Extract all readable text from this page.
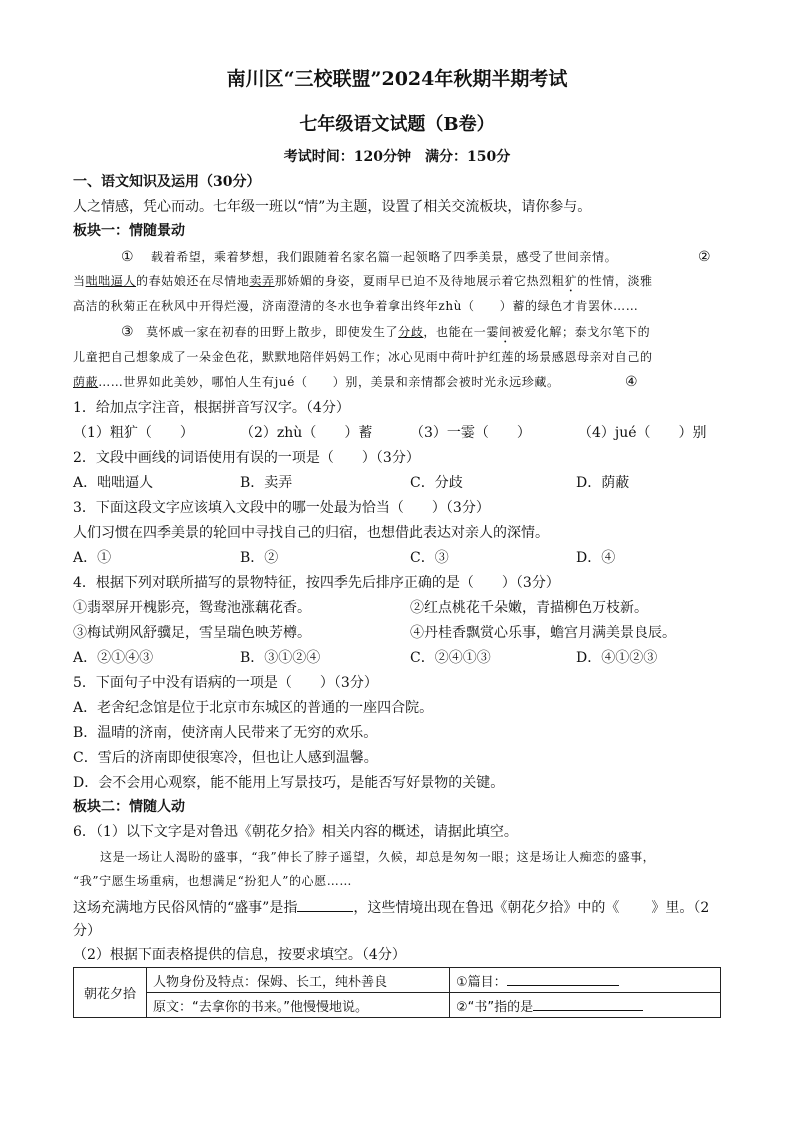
南川区“三校联盟”2024年秋期半期考试
七年级语文试题（B卷）
考试时间：120分钟　满分：150分
一、语文知识及运用（30分）
人之情感，凭心而动。七年级一班以“情”为主题，设置了相关交流板块，请你参与。
板块一：情随景动
① 载着希望，乘着梦想，我们跟随着名家名篇一起领略了四季美景，感受了世间亲情。	②
当咄咄逼人的春姑娘还在尽情地卖弄那娇媚的身姿，夏雨早已迫不及待地展示着它热烈粗犷的性情，淡雅
高洁的秋菊正在秋风中开得烂漫，济南澄清的冬水也争着拿出终年zhù（　　）蓄的绿色才肯罢休……
③ 莫怀戚一家在初春的田野上散步，即使发生了分歧，也能在一霎间被爱化解；泰戈尔笔下的
儿童把自己想象成了一朵金色花，默默地陪伴妈妈工作；冰心见雨中荷叶护红莲的场景感恩母亲对自己的
荫蔽……世界如此美妙，哪怕人生有jué（　　）别，美景和亲情都会被时光永远珍藏。	④
1．给加点字注音，根据拼音写汉字。（4分）
（1）粗犷（　　）	（2）zhù（　　）蓄	（3）一霎（　　）	（4）jué（　　）别
2．文段中画线的词语使用有误的一项是（　　）（3分）
A．咄咄逼人	B．卖弄	C．分歧	D．荫蔽
3．下面这段文字应该填入文段中的哪一处最为恰当（　　）（3分）
人们习惯在四季美景的轮回中寻找自己的归宿，也想借此表达对亲人的深情。
A．①	B．②	C．③	D．④
4．根据下列对联所描写的景物特征，按四季先后排序正确的是（　　）（3分）
①翡翠屏开槐影亮，鸳鸯池涨藕花香。	②红点桃花千朵嫩，青描柳色万枝新。
③梅试朔风舒骥足，雪呈瑞色映芳樽。	④丹桂香飘赏心乐事，蟾宫月满美景良辰。
A．②①④③	B．③①②④	C．②④①③	D．④①②③
5．下面句子中没有语病的一项是（　　）（3分）
A．老舍纪念馆是位于北京市东城区的普通的一座四合院。
B．温晴的济南，使济南人民带来了无穷的欢乐。
C．雪后的济南即使很寒冷，但也让人感到温馨。
D．会不会用心观察，能不能用上写景技巧，是能否写好景物的关键。
板块二：情随人动
6．（1）以下文字是对鲁迅《朝花夕拾》相关内容的概述，请据此填空。
这是一场让人渴盼的盛事，“我”伸长了脖子遥望，久候，却总是匆匆一眼；这是场让人痴恋的盛事，
“我”宁愿生场重病，也想满足“扮犯人”的心愿……
这场充满地方民俗风情的“盛事”是指	，这些情境出现在鲁迅《朝花夕拾》中的《 》里。（2
分）
（2）根据下面表格提供的信息，按要求填空。（4分）
朝花夕拾	人物身份及特点：保姆、长工，纯朴善良	①篇目：
	原文：“去拿你的书来。”他慢慢地说。	②“书”指的是
